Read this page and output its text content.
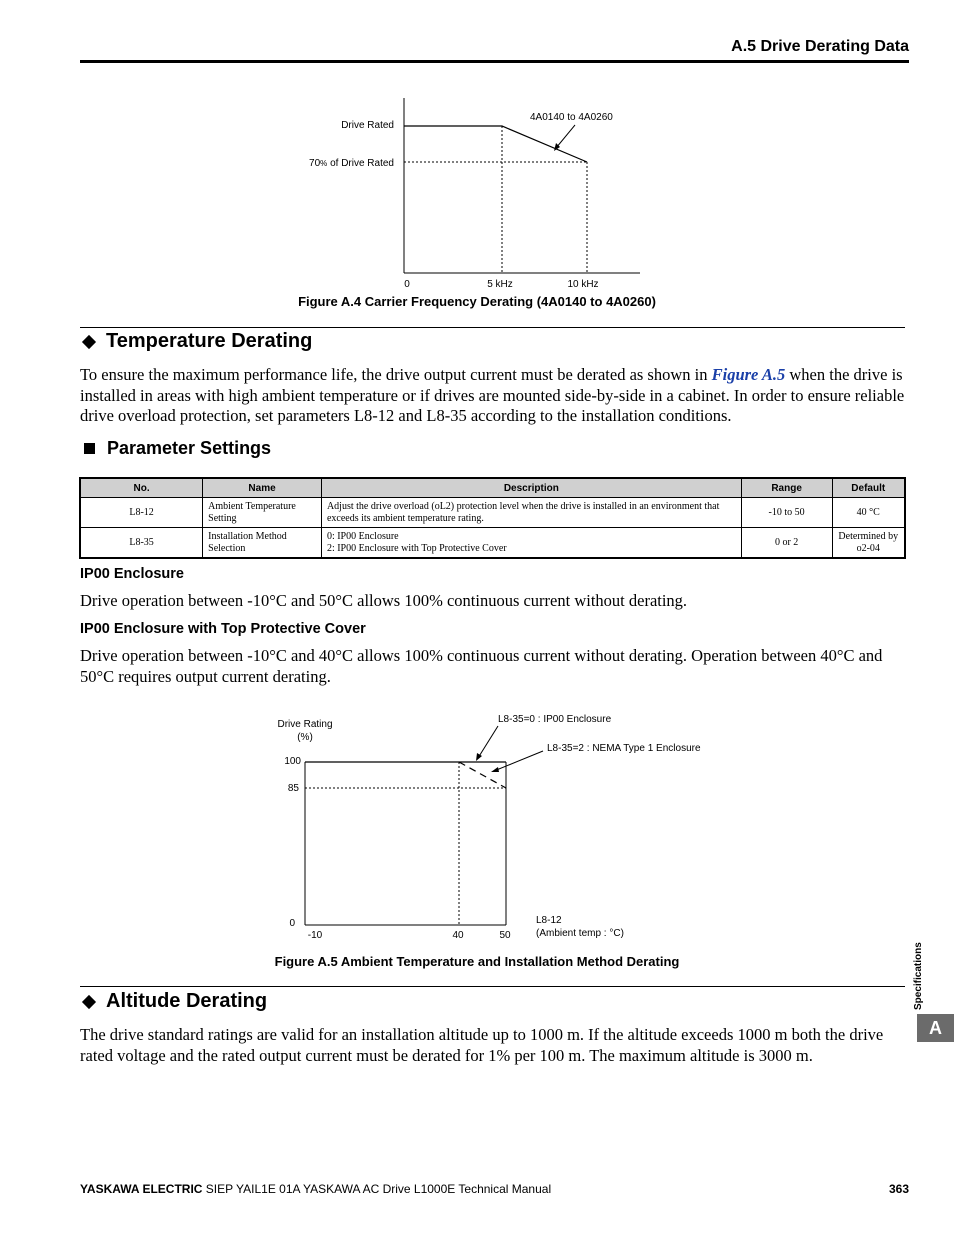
A.5 Drive Derating Data
4A0140 to 4A0260
Drive Rated
70% of Drive Rated
0	5 kHz	10 kHz
Figure A.4 Carrier Frequency Derating (4A0140 to 4A0260)
Temperature Derating
To ensure the maximum performance life, the drive output current must be derated as shown in Figure A.5 when the drive is installed in areas with high ambient temperature or if drives are mounted side-by-side in a cabinet. In order to ensure reliable drive overload protection, set parameters L8-12 and L8-35 according to the installation conditions.
Parameter Settings
No.	Name	Description	Range	Default
L8-12	Ambient Temperature Setting	Adjust the drive overload (oL2) protection level when the drive is installed in an environment that exceeds its ambient temperature rating.	-10 to 50	40 °C
L8-35	Installation Method Selection	0: IP00 Enclosure
2: IP00 Enclosure with Top Protective Cover	0 or 2	Determined by o2-04
IP00 Enclosure
Drive operation between -10°C and 50°C allows 100% continuous current without derating.
IP00 Enclosure with Top Protective Cover
Drive operation between -10°C and 40°C allows 100% continuous current without derating. Operation between 40°C and 50°C requires output current derating.
L8-35=0 : IP00 Enclosure
L8-35=2 : NEMA Type 1 Enclosure
Drive Rating
(%)
100
85
0
-10	40	50
L8-12
(Ambient temp : °C)
Figure A.5 Ambient Temperature and Installation Method Derating
Altitude Derating
The drive standard ratings are valid for an installation altitude up to 1000 m. If the altitude exceeds 1000 m both the drive rated voltage and the rated output current must be derated for 1% per 100 m. The maximum altitude is 3000 m.
Specifications
A
YASKAWA ELECTRIC SIEP YAIL1E 01A YASKAWA AC Drive L1000E Technical Manual	363
